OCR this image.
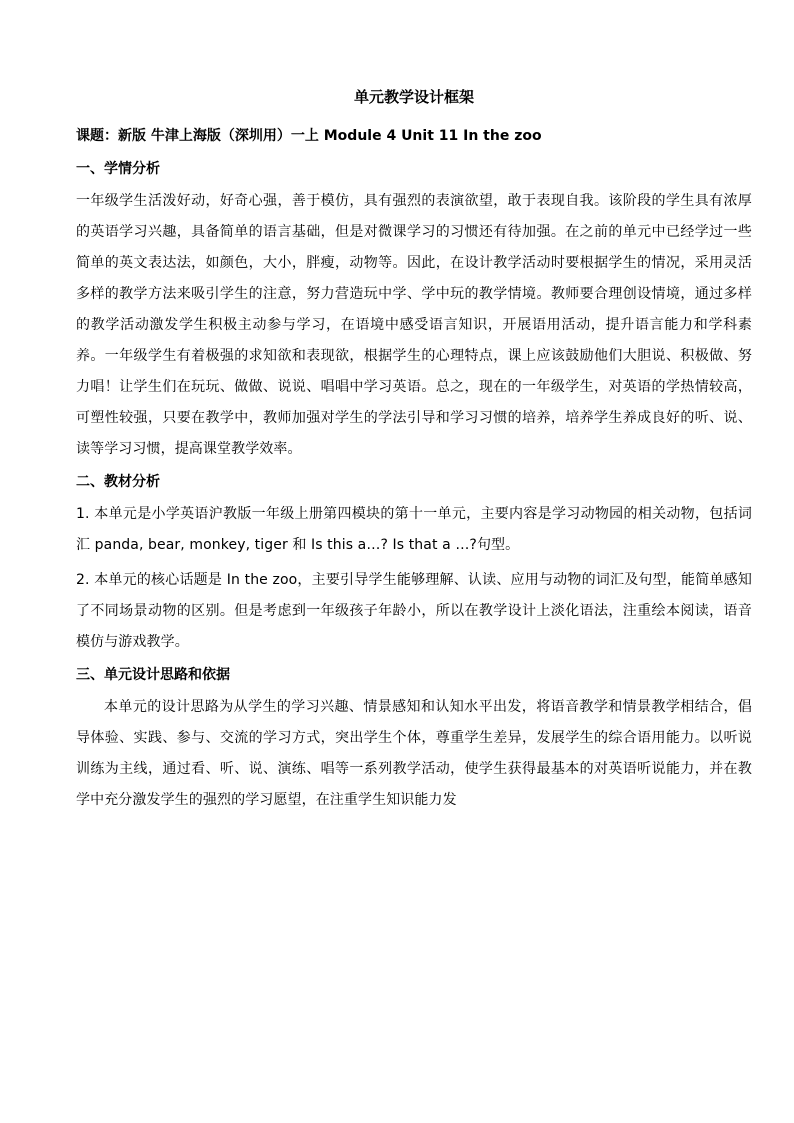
单元教学设计框架
课题：新版 牛津上海版（深圳用）一上 Module 4 Unit 11 In the zoo
一、学情分析

一年级学生活泼好动，好奇心强，善于模仿，具有强烈的表演欲望，敢于表现自我。该阶段的学生具有浓厚的英语学习兴趣，具备简单的语言基础，但是对微课学习的习惯还有待加强。在之前的单元中已经学过一些简单的英文表达法，如颜色，大小，胖瘦，动物等。因此，在设计教学活动时要根据学生的情况，采用灵活多样的教学方法来吸引学生的注意，努力营造玩中学、学中玩的教学情境。教师要合理创设情境，通过多样的教学活动激发学生积极主动参与学习，在语境中感受语言知识，开展语用活动，提升语言能力和学科素养。一年级学生有着极强的求知欲和表现欲，根据学生的心理特点，课上应该鼓励他们大胆说、积极做、努力唱！让学生们在玩玩、做做、说说、唱唱中学习英语。总之，现在的一年级学生，对英语的学热情较高，可塑性较强，只要在教学中，教师加强对学生的学法引导和学习习惯的培养，培养学生养成良好的听、说、读等学习习惯，提高课堂教学效率。

二、教材分析

1. 本单元是小学英语沪教版一年级上册第四模块的第十一单元，主要内容是学习动物园的相关动物，包括词汇 panda, bear, monkey, tiger 和 Is this a…? Is that a …?句型。

2. 本单元的核心话题是 In the zoo，主要引导学生能够理解、认读、应用与动物的词汇及句型，能简单感知了不同场景动物的区别。但是考虑到一年级孩子年龄小，所以在教学设计上淡化语法，注重绘本阅读，语音模仿与游戏教学。

三、单元设计思路和依据

本单元的设计思路为从学生的学习兴趣、情景感知和认知水平出发，将语音教学和情景教学相结合，倡导体验、实践、参与、交流的学习方式，突出学生个体，尊重学生差异，发展学生的综合语用能力。以听说训练为主线，通过看、听、说、演练、唱等一系列教学活动，使学生获得最基本的对英语听说能力，并在教学中充分激发学生的强烈的学习愿望，在注重学生知识能力发
